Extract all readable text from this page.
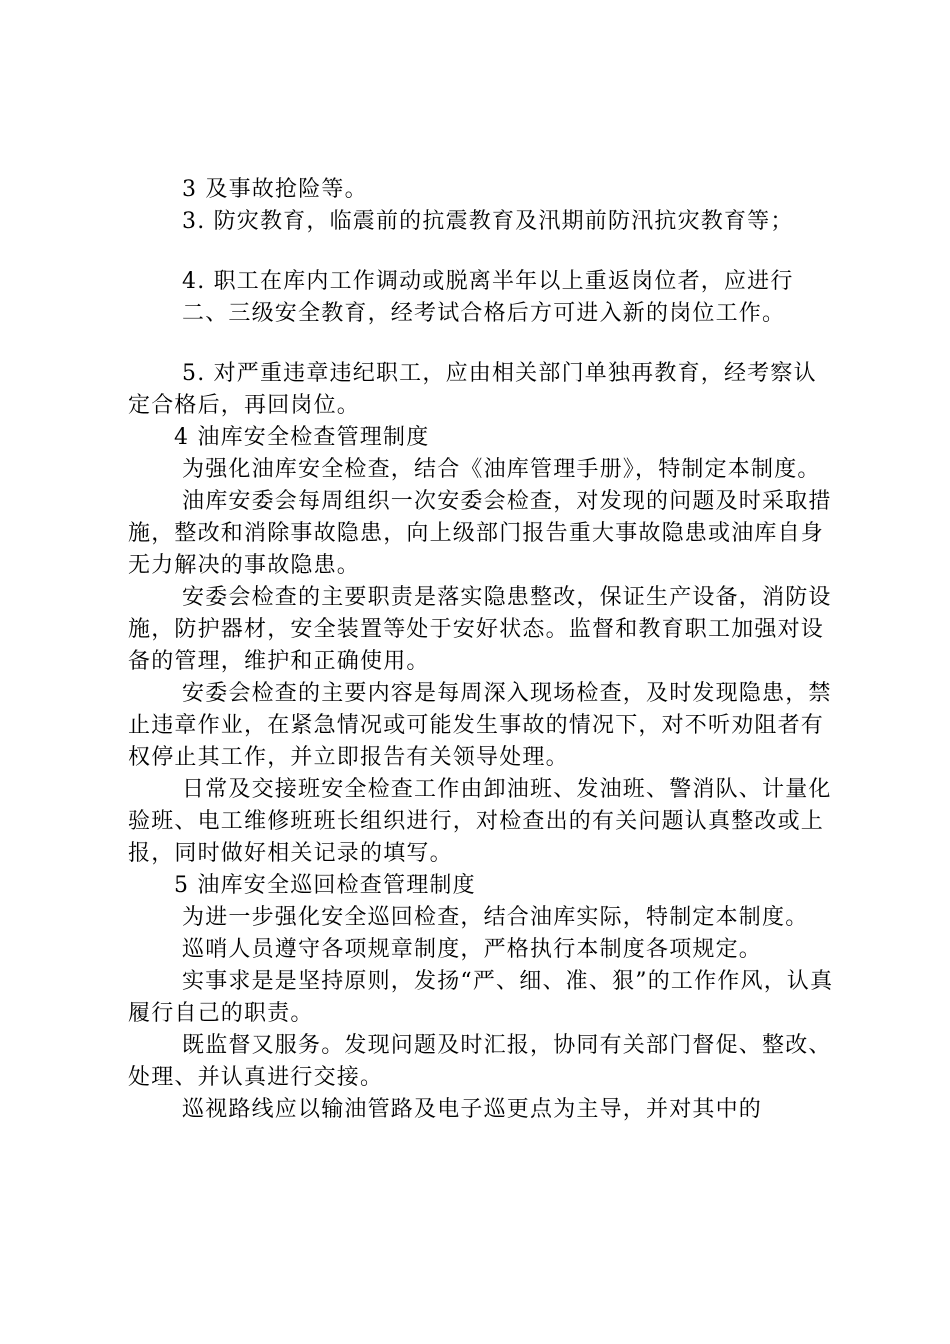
3 及事故抢险等。

3. 防灾教育，临震前的抗震教育及汛期前防汛抗灾教育等；

4. 职工在库内工作调动或脱离半年以上重返岗位者，应进行

二、三级安全教育，经考试合格后方可进入新的岗位工作。

5. 对严重违章违纪职工，应由相关部门单独再教育，经考察认定合格后，再回岗位。

4 油库安全检查管理制度

为强化油库安全检查，结合《油库管理手册》，特制定本制度。

油库安委会每周组织一次安委会检查，对发现的问题及时采取措施，整改和消除事故隐患，向上级部门报告重大事故隐患或油库自身无力解决的事故隐患。

安委会检查的主要职责是落实隐患整改，保证生产设备，消防设施，防护器材，安全装置等处于安好状态。监督和教育职工加强对设备的管理，维护和正确使用。

安委会检查的主要内容是每周深入现场检查，及时发现隐患，禁止违章作业，在紧急情况或可能发生事故的情况下，对不听劝阻者有权停止其工作，并立即报告有关领导处理。

日常及交接班安全检查工作由卸油班、发油班、警消队、计量化验班、电工维修班班长组织进行，对检查出的有关问题认真整改或上报，同时做好相关记录的填写。

5 油库安全巡回检查管理制度

为进一步强化安全巡回检查，结合油库实际，特制定本制度。

巡哨人员遵守各项规章制度，严格执行本制度各项规定。

实事求是是坚持原则，发扬“严、细、准、狠”的工作作风，认真履行自己的职责。

既监督又服务。发现问题及时汇报，协同有关部门督促、整改、处理、并认真进行交接。

巡视路线应以输油管路及电子巡更点为主导，并对其中的
